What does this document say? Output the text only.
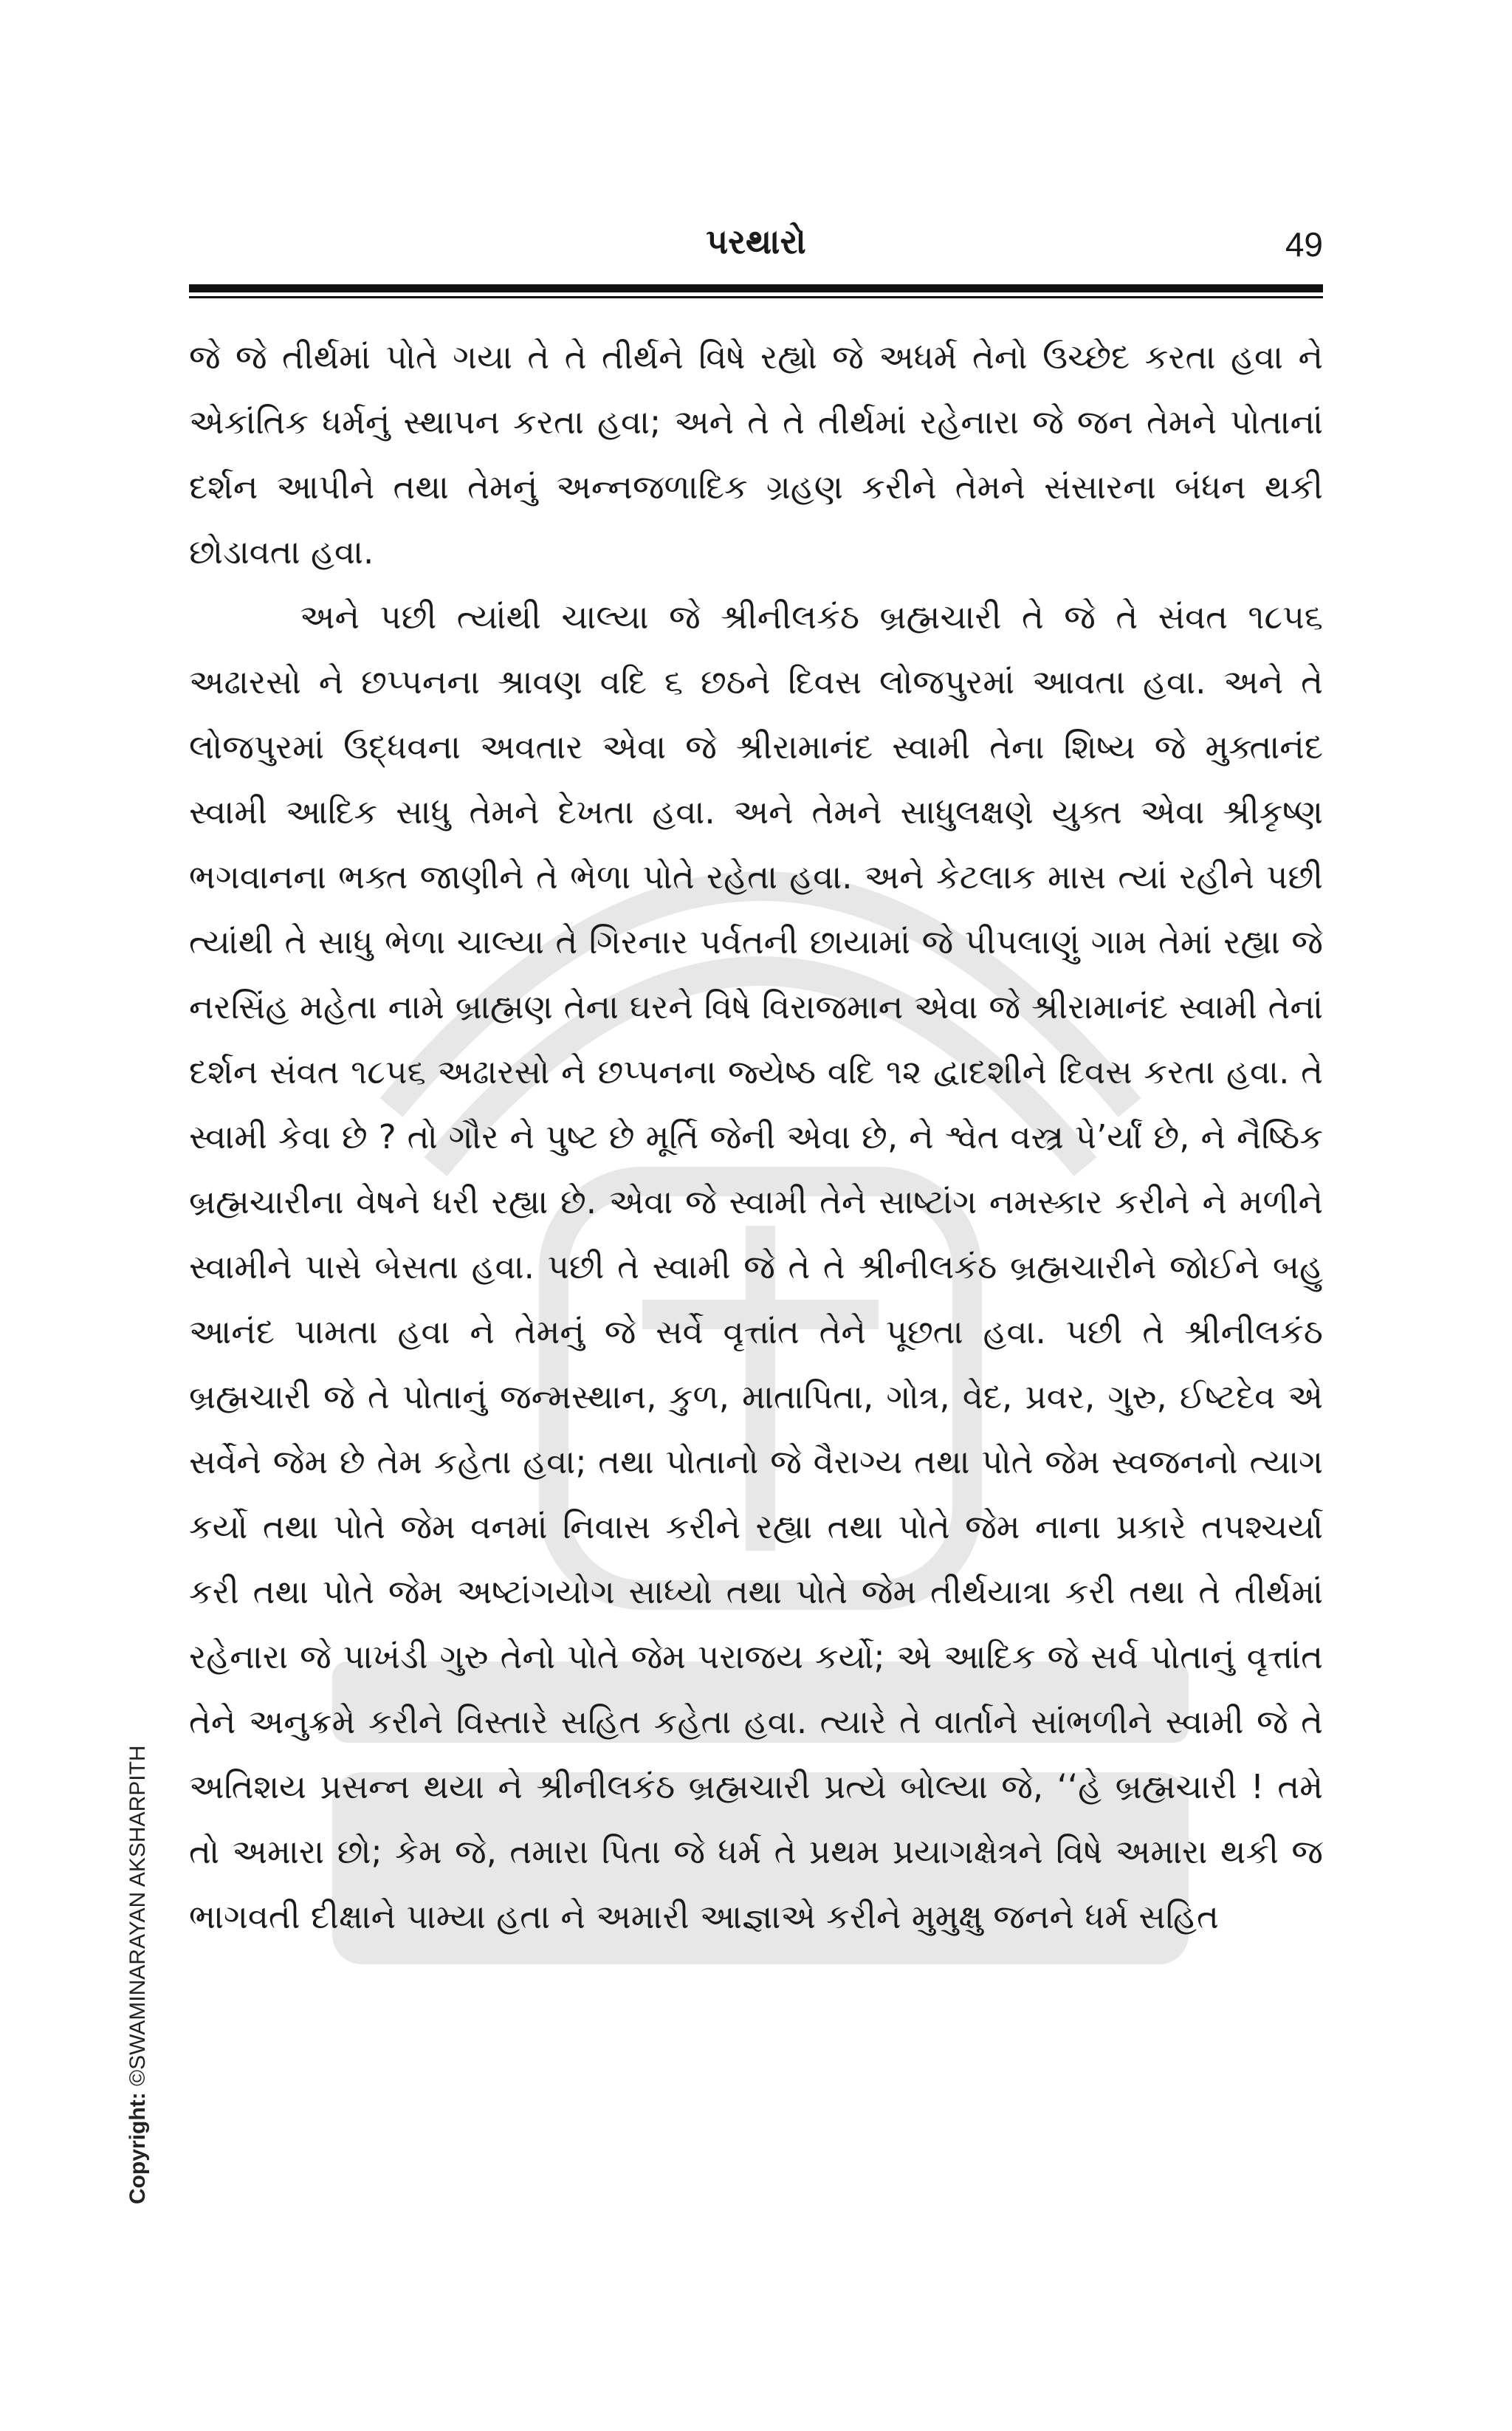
પરથારો	49

જે જે તીર્થમાં પોતે ગયા તે તે તીર્થને વિષે રહ્યો જે અધર્મ તેનો ઉચ્છેદ કરતા હવા ને એકાંતિક ધર્મનું સ્થાપન કરતા હવા; અને તે તે તીર્થમાં રહેનારા જે જન તેમને પોતાનાં દર્શન આપીને તથા તેમનું અન્નજળાદિક ગ્રહણ કરીને તેમને સંસારના બંધન થકી છોડાવતા હવા.

અને પછી ત્યાંથી ચાલ્યા જે શ્રીનીલકંઠ બ્રહ્મચારી તે જે તે સંવત ૧૮૫૬ અઢારસો ને છપ્પનના શ્રાવણ વદિ ૬ છઠને દિવસ લોજપુરમાં આવતા હવા. અને તે લોજપુરમાં ઉદ્ધવના અવતાર એવા જે શ્રીરામાનંદ સ્વામી તેના શિષ્ય જે મુક્તાનંદ સ્વામી આદિક સાધુ તેમને દેખતા હવા. અને તેમને સાધુલક્ષણે યુક્ત એવા શ્રીકૃષ્ણ ભગવાનના ભક્ત જાણીને તે ભેળા પોતે રહેતા હવા. અને કેટલાક માસ ત્યાં રહીને પછી ત્યાંથી તે સાધુ ભેળા ચાલ્યા તે ગિરનાર પર્વતની છાયામાં જે પીપલાણું ગામ તેમાં રહ્યા જે નરસિંહ મહેતા નામે બ્રાહ્મણ તેના ઘરને વિષે વિરાજમાન એવા જે શ્રીરામાનંદ સ્વામી તેનાં દર્શન સંવત ૧૮૫૬ અઢારસો ને છપ્પનના જ્યેષ્ઠ વદિ ૧૨ દ્વાદશીને દિવસ કરતા હવા. તે સ્વામી કેવા છે ? તો ગૌર ને પુષ્ટ છે મૂર્તિ જેની એવા છે, ને શ્વેત વસ્ત્ર પે’ર્યાં છે, ને નૈષ્ઠિક બ્રહ્મચારીના વેષને ધરી રહ્યા છે. એવા જે સ્વામી તેને સાષ્ટાંગ નમસ્કાર કરીને ને મળીને સ્વામીને પાસે બેસતા હવા. પછી તે સ્વામી જે તે તે શ્રીનીલકંઠ બ્રહ્મચારીને જોઈને બહુ આનંદ પામતા હવા ને તેમનું જે સર્વે વૃત્તાંત તેને પૂછતા હવા. પછી તે શ્રીનીલકંઠ બ્રહ્મચારી જે તે પોતાનું જન્મસ્થાન, કુળ, માતાપિતા, ગોત્ર, વેદ, પ્રવર, ગુરુ, ઈષ્ટદેવ એ સર્વેને જેમ છે તેમ કહેતા હવા; તથા પોતાનો જે વૈરાગ્ય તથા પોતે જેમ સ્વજનનો ત્યાગ કર્યો તથા પોતે જેમ વનમાં નિવાસ કરીને રહ્યા તથા પોતે જેમ નાના પ્રકારે તપશ્ચર્યા કરી તથા પોતે જેમ અષ્ટાંગયોગ સાધ્યો તથા પોતે જેમ તીર્થયાત્રા કરી તથા તે તીર્થમાં રહેનારા જે પાખંડી ગુરુ તેનો પોતે જેમ પરાજય કર્યો; એ આદિક જે સર્વ પોતાનું વૃત્તાંત તેને અનુક્રમે કરીને વિસ્તારે સહિત કહેતા હવા. ત્યારે તે વાર્તાને સાંભળીને સ્વામી જે તે અતિશય પ્રસન્ન થયા ને શ્રીનીલકંઠ બ્રહ્મચારી પ્રત્યે બોલ્યા જે, ‘‘હે બ્રહ્મચારી ! તમે તો અમારા છો; કેમ જે, તમારા પિતા જે ધર્મ તે પ્રથમ પ્રયાગક્ષેત્રને વિષે અમારા થકી જ ભાગવતી દીક્ષાને પામ્યા હતા ને અમારી આજ્ઞાએ કરીને મુમુક્ષુ જનને ધર્મ સહિત

Copyright: ©SWAMINARAYAN AKSHARPITH
